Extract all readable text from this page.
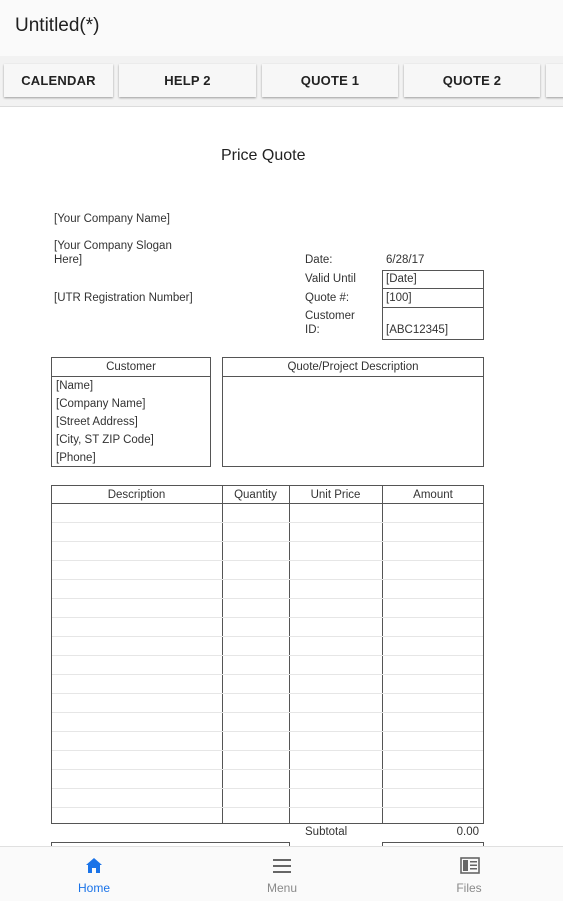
Untitled(*)
CALENDAR	HELP 2	QUOTE 1	QUOTE 2
Price Quote
[Your Company Name]
[Your Company Slogan
Here]
[UTR Registration Number]
Date:	6/28/17
Valid Until	[Date]
Quote #:	[100]
Customer
ID:	[ABC12345]
Customer
[Name]
[Company Name]
[Street Address]
[City, ST ZIP Code]
[Phone]
Quote/Project Description
Description	Quantity	Unit Price	Amount
Subtotal	0.00
Home	Menu	Files
